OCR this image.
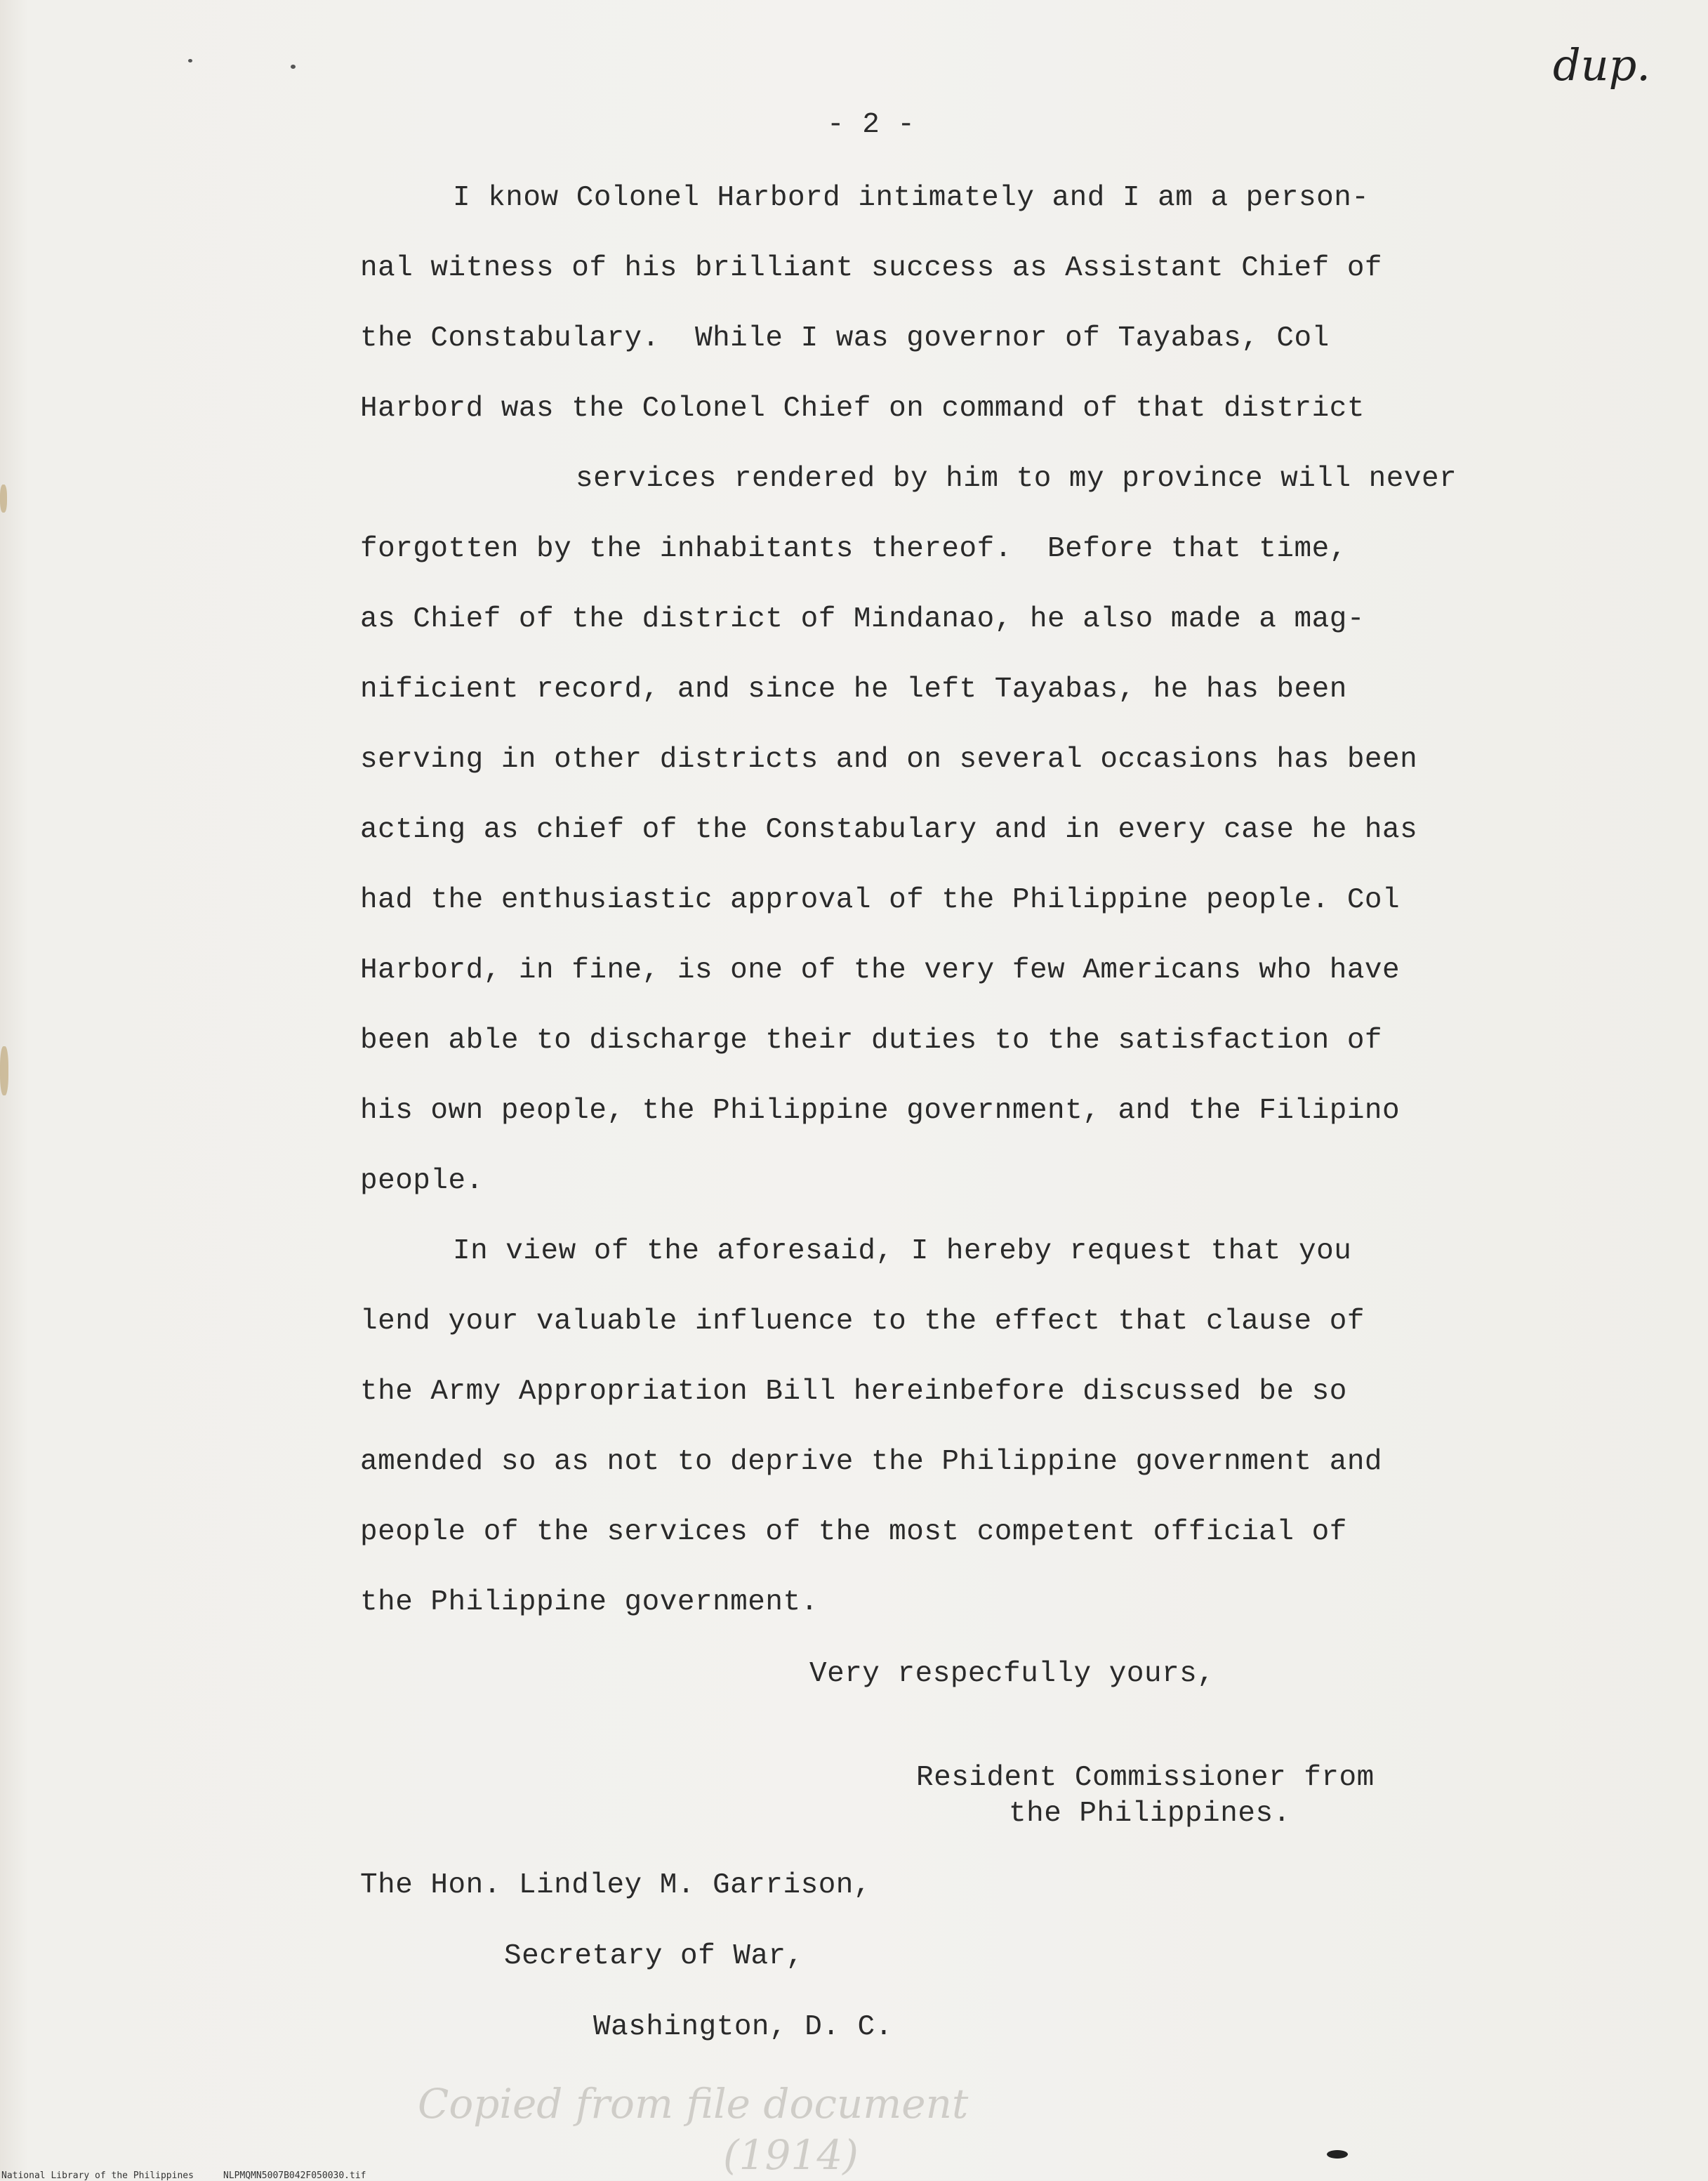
dup.
- 2 -
I know Colonel Harbord intimately and I am a person-
nal witness of his brilliant success as Assistant Chief of
the Constabulary.  While I was governor of Tayabas, Col
Harbord was the Colonel Chief on command of that district
services rendered by him to my province will never
forgotten by the inhabitants thereof.  Before that time,
as Chief of the district of Mindanao, he also made a mag-
nificient record, and since he left Tayabas, he has been
serving in other districts and on several occasions has been
acting as chief of the Constabulary and in every case he has
had the enthusiastic approval of the Philippine people. Col
Harbord, in fine, is one of the very few Americans who have
been able to discharge their duties to the satisfaction of
his own people, the Philippine government, and the Filipino
people.
In view of the aforesaid, I hereby request that you
lend your valuable influence to the effect that clause of
the Army Appropriation Bill hereinbefore discussed be so
amended so as not to deprive the Philippine government and
people of the services of the most competent official of
the Philippine government.
Very respecfully yours,
Resident Commissioner from
the Philippines.
The Hon. Lindley M. Garrison,
Secretary of War,
Washington, D. C.
Copied from file document
(1914)
National Library of the Philippines	NLPMQMN5007B042F050030.tif
